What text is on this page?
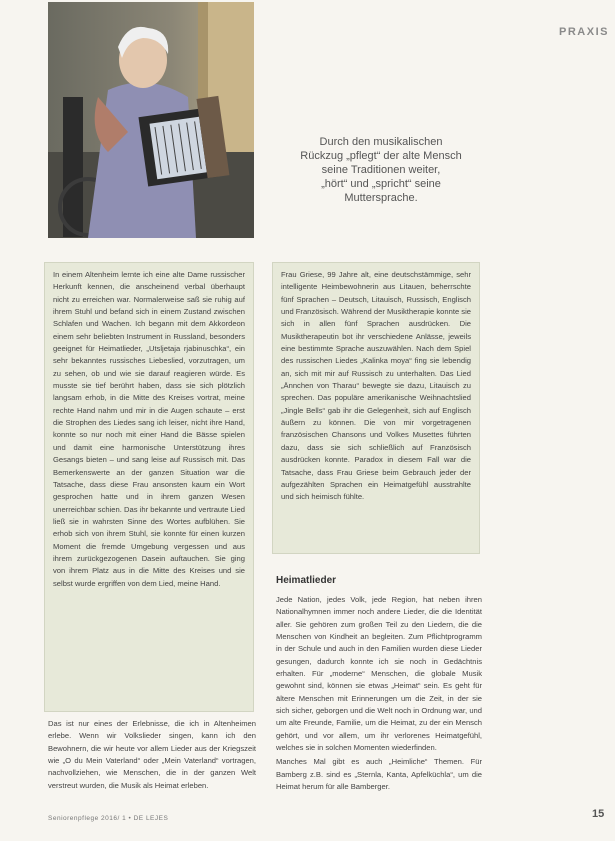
PRAXIS
Durch den musikalischen
Rückzug „pflegt“ der alte Mensch
seine Traditionen weiter,
„hört“ und „spricht“ seine
Muttersprache.

In einem Altenheim lernte ich eine alte Dame russischer Herkunft kennen, die anscheinend verbal überhaupt nicht zu erreichen war. Normalerweise saß sie ruhig auf ihrem Stuhl und befand sich in einem Zustand zwischen Schlafen und Wachen. Ich begann mit dem Akkordeon einem sehr beliebten Instrument in Russland, besonders geeignet für Heimatlieder, „Utsljetaja rjabinuschka“, ein sehr bekanntes russisches Liebeslied, vorzutragen, um zu sehen, ob und wie sie darauf reagieren würde. Es musste sie tief berührt haben, dass sie sich plötzlich langsam erhob, in die Mitte des Kreises vortrat, meine rechte Hand nahm und mir in die Augen schaute – erst die Strophen des Liedes sang ich leiser, nicht ihre Hand, konnte so nur noch mit einer Hand die Bässe spielen und damit eine harmonische Unterstützung ihres Gesangs bieten – und sang leise auf Russisch mit. Das Bemerkenswerte an der ganzen Situation war die Tatsache, dass diese Frau ansonsten kaum ein Wort gesprochen hatte und in ihrem ganzen Wesen unerreichbar schien. Das ihr bekannte und vertraute Lied ließ sie in wahrsten Sinne des Wortes aufblühen. Sie erhob sich von ihrem Stuhl, sie konnte für einen kurzen Moment die fremde Umgebung vergessen und aus ihrem zurückgezogenen Dasein auftauchen. Sie ging von ihrem Platz aus in die Mitte des Kreises und sie selbst wurde ergriffen von dem Lied, meine Hand.

Das ist nur eines der Erlebnisse, die ich in Altenheimen erlebe. Wenn wir Volkslieder singen, kann ich den Bewohnern, die wir heute vor allem Lieder aus der Kriegszeit wie „O du Mein Vaterland“ oder „Mein Vaterland“ vortragen, nachvollziehen, wie Menschen, die in der ganzen Welt verstreut wurden, die Musik als Heimat erleben.

Frau Griese, 99 Jahre alt, eine deutschstämmige, sehr intelligente Heimbewohnerin aus Litauen, beherrschte fünf Sprachen – Deutsch, Litauisch, Russisch, Englisch und Französisch. Während der Musiktherapie konnte sie sich in allen fünf Sprachen ausdrücken. Die Musiktherapeutin bot ihr verschiedene Anlässe, jeweils eine bestimmte Sprache auszuwählen. Nach dem Spiel des russischen Liedes „Kalinka moya“ fing sie lebendig an, sich mit mir auf Russisch zu unterhalten. Das Lied „Ännchen von Tharau“ bewegte sie dazu, Litauisch zu sprechen. Das populäre amerikanische Weihnachtslied „Jingle Bells“ gab ihr die Gelegenheit, sich auf Englisch äußern zu können. Die von mir vorgetragenen französischen Chansons und Volkes Musettes führten dazu, dass sie sich schließlich auf Französisch ausdrücken konnte. Paradox in diesem Fall war die Tatsache, dass Frau Griese beim Gebrauch jeder der aufgezählten Sprachen ein Heimatgefühl ausstrahlte und sich heimisch fühlte.

Heimatlieder

Jede Nation, jedes Volk, jede Region, hat neben ihren Nationalhymnen immer noch andere Lieder, die die Identität aller. Sie gehören zum großen Teil zu den Liedern, die die Menschen von Kindheit an begleiten. Zum Pflichtprogramm in der Schule und auch in den Familien wurden diese Lieder gesungen, dadurch konnte ich sie noch in Gedächtnis erhalten. Für „moderne“ Menschen, die globale Musik gewohnt sind, können sie etwas „Heimat“ sein. Es geht für ältere Menschen mit Erinnerungen um die Zeit, in der sie sich sicher, geborgen und die Welt noch in Ordnung war, und um alte Freunde, Familie, um die Heimat, zu der ein Mensch gehört, und vor allem, um ihr verlorenes Heimatgefühl, welches sie in solchen Momenten wiederfinden.

Manches Mal gibt es auch „Heimliche“ Themen. Für Bamberg z.B. sind es „Sternla, Kanta, Apfelküchla“, um die Heimat herum für alle Bamberger.

Seniorenpflege 2016/ 1 • DE LEJES	15
